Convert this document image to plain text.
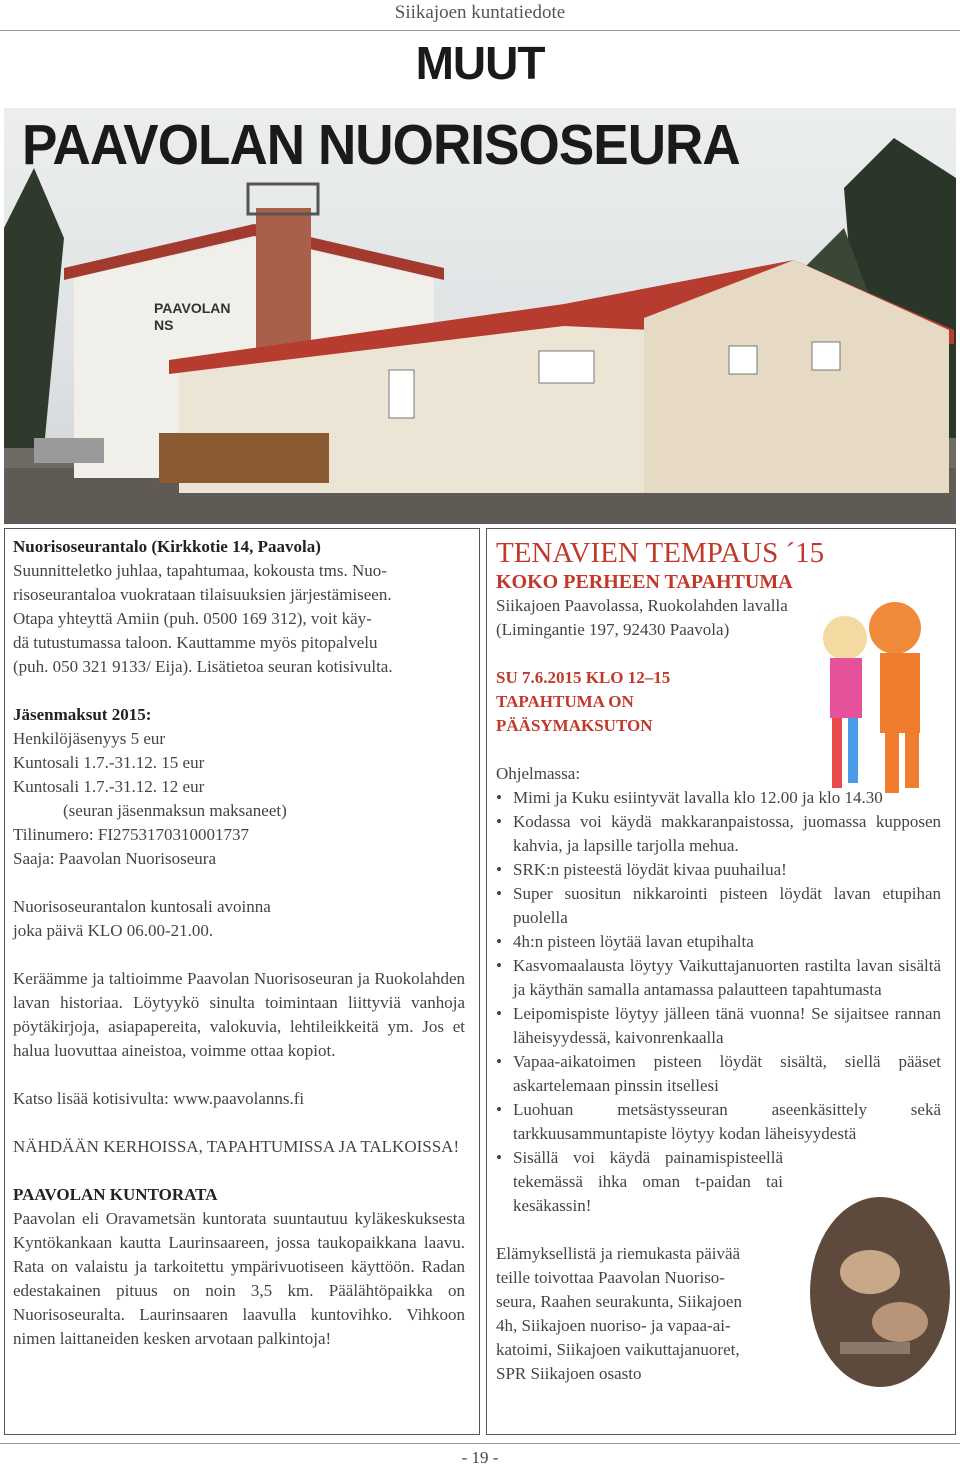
Siikajoen kuntatiedote
MUUT
PAAVOLAN
NS
PAAVOLAN NUORISOSEURA

Nuorisoseurantalo (Kirkkotie 14, Paavola)

Suunnitteletko juhlaa, tapahtumaa, kokousta tms. Nuo-

risoseurantaloa vuokrataan tilaisuuksien järjestämiseen.

Otapa yhteyttä Amiin (puh. 0500 169 312), voit käy-

dä tutustumassa taloon. Kauttamme myös pitopalvelu

(puh. 050 321 9133/ Eija). Lisätietoa seuran kotisivulta.

Jäsenmaksut 2015:

Henkilöjäsenyys 5 eur

Kuntosali 1.7.-31.12. 15 eur

Kuntosali 1.7.-31.12. 12 eur

(seuran jäsenmaksun maksaneet)

Tilinumero: FI2753170310001737

Saaja: Paavolan Nuorisoseura

Nuorisoseurantalon kuntosali avoinna

joka päivä KLO 06.00-21.00.

Keräämme ja taltioimme Paavolan Nuorisoseuran ja Ruokolahden lavan historiaa. Löytyykö sinulta toimintaan liittyviä vanhoja pöytäkirjoja, asiapapereita, valokuvia, lehtileikkeitä ym. Jos et halua luovuttaa aineistoa, voimme ottaa kopiot.

Katso lisää kotisivulta: www.paavolanns.fi

NÄHDÄÄN KERHOISSA, TAPAHTUMISSA JA TALKOISSA!

PAAVOLAN KUNTORATA

Paavolan eli Oravametsän kuntorata suuntautuu kyläkeskuksesta Kyntökankaan kautta Laurinsaareen, jossa taukopaikkana laavu. Rata on valaistu ja tarkoitettu ympärivuotiseen käyttöön. Radan edestakainen pituus on noin 3,5 km. Päälähtöpaikka on Nuorisoseuralta. Laurinsaaren laavulla kuntovihko. Vihkoon nimen laittaneiden kesken arvotaan palkintoja!

TENAVIEN TEMPAUS ´15

KOKO PERHEEN TAPAHTUMA

Siikajoen Paavolassa, Ruokolahden lavalla

(Limingantie 197, 92430 Paavola)

SU 7.6.2015 KLO 12–15

TAPAHTUMA ON

PÄÄSYMAKSUTON

Ohjelmassa:

• Mimi ja Kuku esiintyvät lavalla klo 12.00 ja klo 14.30
• Kodassa voi käydä makkaranpaistossa, juomassa kupposen kahvia, ja lapsille tarjolla mehua.
• SRK:n pisteestä löydät kivaa puuhailua!
• Super suositun nikkarointi pisteen löydät lavan etupihan puolella
• 4h:n pisteen löytää lavan etupihalta
• Kasvomaalausta löytyy Vaikuttajanuorten rastilta lavan sisältä ja käythän samalla antamassa palautteen tapahtumasta
• Leipomispiste löytyy jälleen tänä vuonna! Se sijaitsee rannan läheisyydessä, kaivonrenkaalla
• Vapaa-aikatoimen pisteen löydät sisältä, siellä pääset askartelemaan pinssin itsellesi
• Luohuan metsästysseuran aseenkäsittely sekä tarkkuusammuntapiste löytyy kodan läheisyydestä
• Sisällä voi käydä painamispisteellä tekemässä ihka oman t-paidan tai kesäkassin!

Elämyksellistä ja riemukasta päivää

teille toivottaa Paavolan Nuoriso-

seura, Raahen seurakunta, Siikajoen

4h, Siikajoen nuoriso- ja vapaa-ai-

katoimi, Siikajoen vaikuttajanuoret,

SPR Siikajoen osasto

- 19 -
